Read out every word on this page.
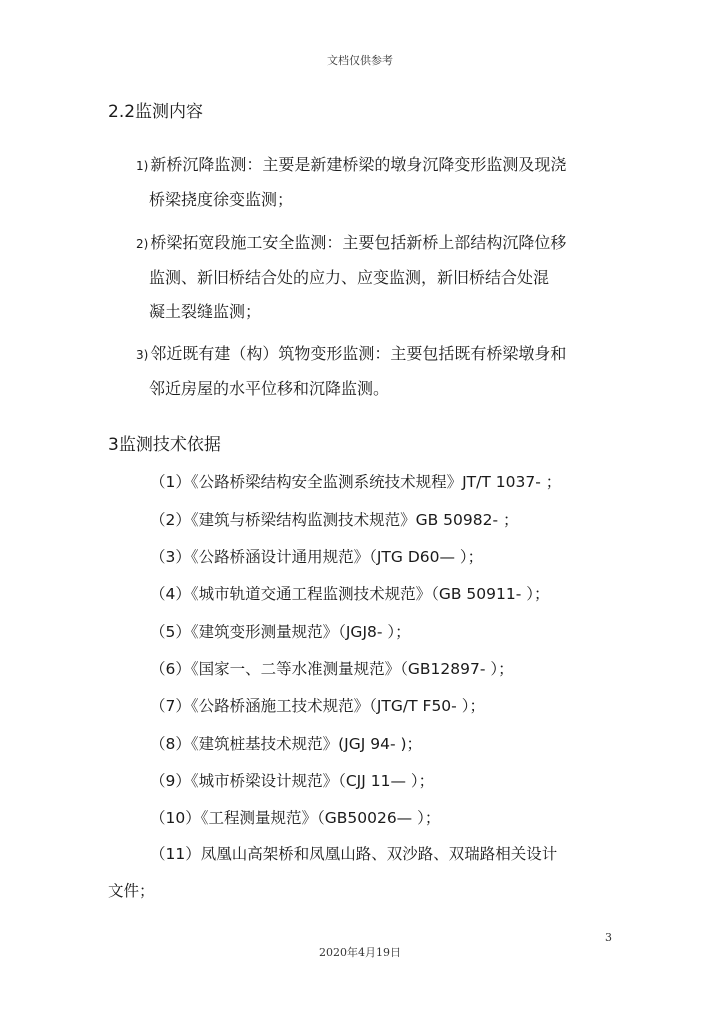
文档仅供参考
2.2监测内容
1) 新桥沉降监测：主要是新建桥梁的墩身沉降变形监测及现浇
桥梁挠度徐变监测；
2) 桥梁拓宽段施工安全监测：主要包括新桥上部结构沉降位移
监测、新旧桥结合处的应力、应变监测，新旧桥结合处混
凝土裂缝监测；
3) 邻近既有建（构）筑物变形监测：主要包括既有桥梁墩身和
邻近房屋的水平位移和沉降监测。
3监测技术依据
（1）《公路桥梁结构安全监测系统技术规程》JT/T 1037- ；
（2）《建筑与桥梁结构监测技术规范》GB 50982- ；
（3）《公路桥涵设计通用规范》（JTG D60— ）；
（4）《城市轨道交通工程监测技术规范》（GB 50911- ）；
（5）《建筑变形测量规范》（JGJ8- ）；
（6）《国家一、二等水准测量规范》（GB12897- ）；
（7）《公路桥涵施工技术规范》（JTG/T F50- ）；
（8）《建筑桩基技术规范》(JGJ 94- )；
（9）《城市桥梁设计规范》（CJJ 11— ）；
（10）《工程测量规范》（GB50026— ）；
（11）凤凰山高架桥和凤凰山路、双沙路、双瑞路相关设计
文件；
3
2020年4月19日
